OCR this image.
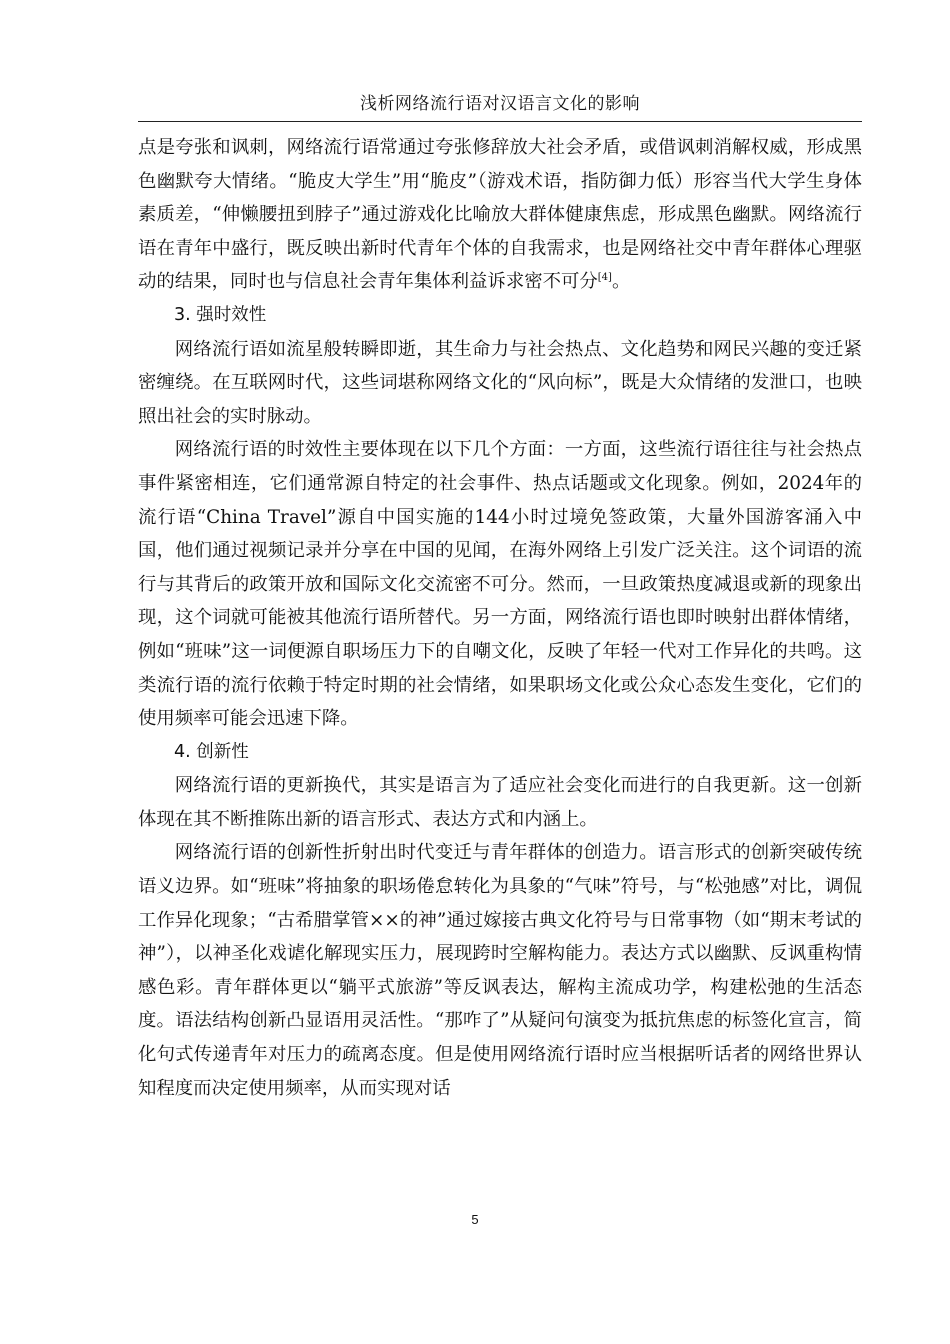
浅析网络流行语对汉语言文化的影响

点是夸张和讽刺，网络流行语常通过夸张修辞放大社会矛盾，或借讽刺消解权威，形成黑色幽默夸大情绪。“脆皮大学生”用“脆皮”（游戏术语，指防御力低）形容当代大学生身体素质差，“伸懒腰扭到脖子”通过游戏化比喻放大群体健康焦虑，形成黑色幽默。网络流行语在青年中盛行，既反映出新时代青年个体的自我需求，也是网络社交中青年群体心理驱动的结果，同时也与信息社会青年集体利益诉求密不可分[4]。

3. 强时效性

网络流行语如流星般转瞬即逝，其生命力与社会热点、文化趋势和网民兴趣的变迁紧密缠绕。在互联网时代，这些词堪称网络文化的“风向标”，既是大众情绪的发泄口，也映照出社会的实时脉动。

网络流行语的时效性主要体现在以下几个方面：一方面，这些流行语往往与社会热点事件紧密相连，它们通常源自特定的社会事件、热点话题或文化现象。例如，2024年的流行语“China Travel”源自中国实施的144小时过境免签政策，大量外国游客涌入中国，他们通过视频记录并分享在中国的见闻，在海外网络上引发广泛关注。这个词语的流行与其背后的政策开放和国际文化交流密不可分。然而，一旦政策热度减退或新的现象出现，这个词就可能被其他流行语所替代。另一方面，网络流行语也即时映射出群体情绪，例如“班味”这一词便源自职场压力下的自嘲文化，反映了年轻一代对工作异化的共鸣。这类流行语的流行依赖于特定时期的社会情绪，如果职场文化或公众心态发生变化，它们的使用频率可能会迅速下降。

4. 创新性

网络流行语的更新换代，其实是语言为了适应社会变化而进行的自我更新。这一创新体现在其不断推陈出新的语言形式、表达方式和内涵上。

网络流行语的创新性折射出时代变迁与青年群体的创造力。语言形式的创新突破传统语义边界。如“班味”将抽象的职场倦怠转化为具象的“气味”符号，与“松弛感”对比，调侃工作异化现象；“古希腊掌管××的神”通过嫁接古典文化符号与日常事物（如“期末考试的神”），以神圣化戏谑化解现实压力，展现跨时空解构能力。表达方式以幽默、反讽重构情感色彩。青年群体更以“躺平式旅游”等反讽表达，解构主流成功学，构建松弛的生活态度。语法结构创新凸显语用灵活性。“那咋了”从疑问句演变为抵抗焦虑的标签化宣言，简化句式传递青年对压力的疏离态度。但是使用网络流行语时应当根据听话者的网络世界认知程度而决定使用频率，从而实现对话

5
